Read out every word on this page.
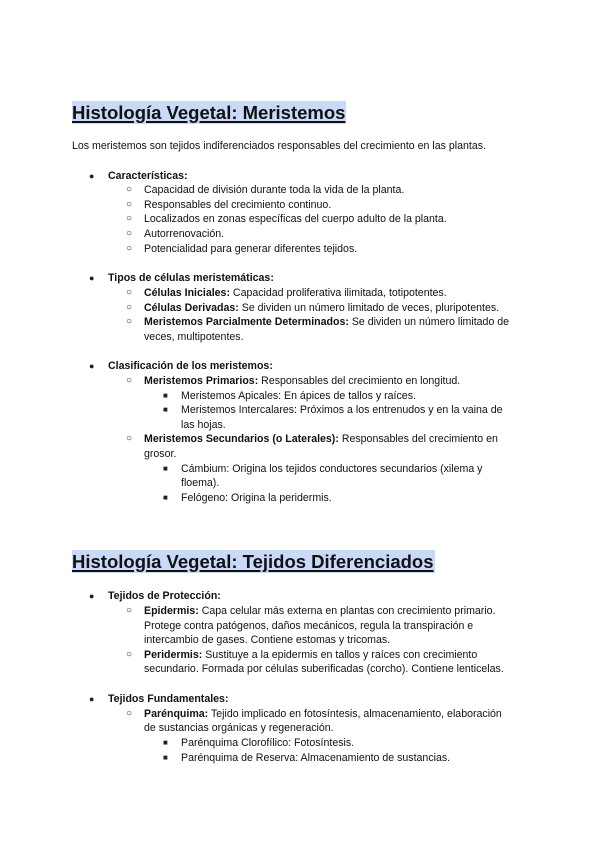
Histología Vegetal: Meristemos

Los meristemos son tejidos indiferenciados responsables del crecimiento en las plantas.

● Características:
○ Capacidad de división durante toda la vida de la planta.
○ Responsables del crecimiento continuo.
○ Localizados en zonas específicas del cuerpo adulto de la planta.
○ Autorrenovación.
○ Potencialidad para generar diferentes tejidos.
● Tipos de células meristemáticas:
○ Células Iniciales: Capacidad proliferativa ilimitada, totipotentes.
○ Células Derivadas: Se dividen un número limitado de veces, pluripotentes.
○ Meristemos Parcialmente Determinados: Se dividen un número limitado de
veces, multipotentes.
● Clasificación de los meristemos:
○ Meristemos Primarios: Responsables del crecimiento en longitud.
■ Meristemos Apicales: En ápices de tallos y raíces.
■ Meristemos Intercalares: Próximos a los entrenudos y en la vaina de
las hojas.
○ Meristemos Secundarios (o Laterales): Responsables del crecimiento en
grosor.
■ Cámbium: Origina los tejidos conductores secundarios (xilema y
floema).
■ Felógeno: Origina la peridermis.
Histología Vegetal: Tejidos Diferenciados
● Tejidos de Protección:
○ Epidermis: Capa celular más externa en plantas con crecimiento primario.
Protege contra patógenos, daños mecánicos, regula la transpiración e
intercambio de gases. Contiene estomas y tricomas.
○ Peridermis: Sustituye a la epidermis en tallos y raíces con crecimiento
secundario. Formada por células suberificadas (corcho). Contiene lenticelas.
● Tejidos Fundamentales:
○ Parénquima: Tejido implicado en fotosíntesis, almacenamiento, elaboración
de sustancias orgánicas y regeneración.
■ Parénquima Clorofílico: Fotosíntesis.
■ Parénquima de Reserva: Almacenamiento de sustancias.
